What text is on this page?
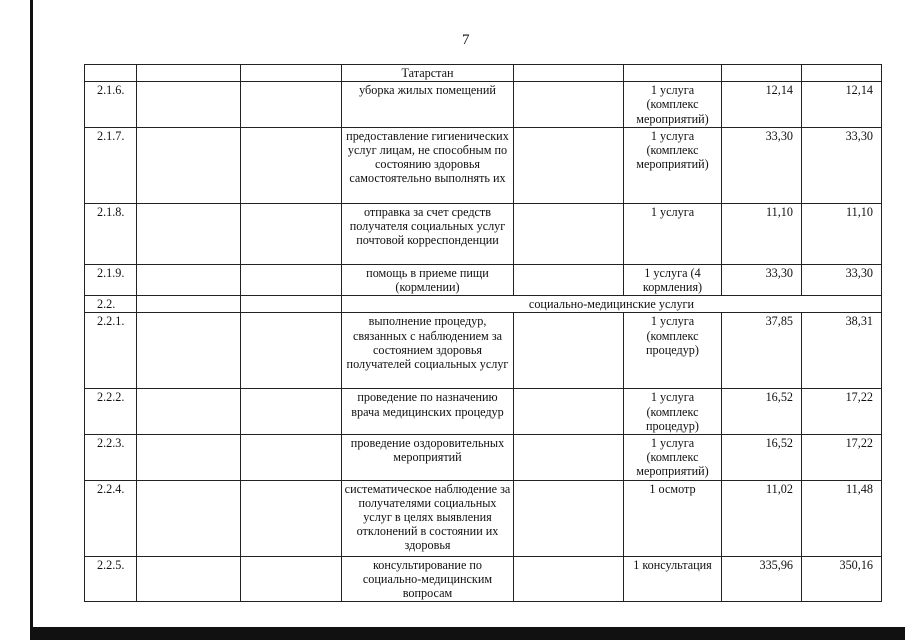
7
			Татарстан				
2.1.6.			уборка жилых помещений		1 услуга (комплекс мероприятий)	12,14	12,14
2.1.7.			предоставление гигиенических услуг лицам, не способным по состоянию здоровья самостоятельно выполнять их		1 услуга (комплекс мероприятий)	33,30	33,30
2.1.8.			отправка за счет средств получателя социальных услуг почтовой корреспонденции		1 услуга	11,10	11,10
2.1.9.			помощь в приеме пищи (кормлении)		1 услуга (4 кормления)	33,30	33,30
2.2.			социально-медицинские услуги				
2.2.1.			выполнение процедур, связанных с наблюдением за состоянием здоровья получателей социальных услуг		1 услуга (комплекс процедур)	37,85	38,31
2.2.2.			проведение по назначению врача медицинских процедур		1 услуга (комплекс процедур)	16,52	17,22
2.2.3.			проведение оздоровительных мероприятий		1 услуга (комплекс мероприятий)	16,52	17,22
2.2.4.			систематическое наблюдение за получателями социальных услуг в целях выявления отклонений в состоянии их здоровья		1 осмотр	11,02	11,48
2.2.5.			консультирование по социально-медицинским вопросам		1 консультация	335,96	350,16
